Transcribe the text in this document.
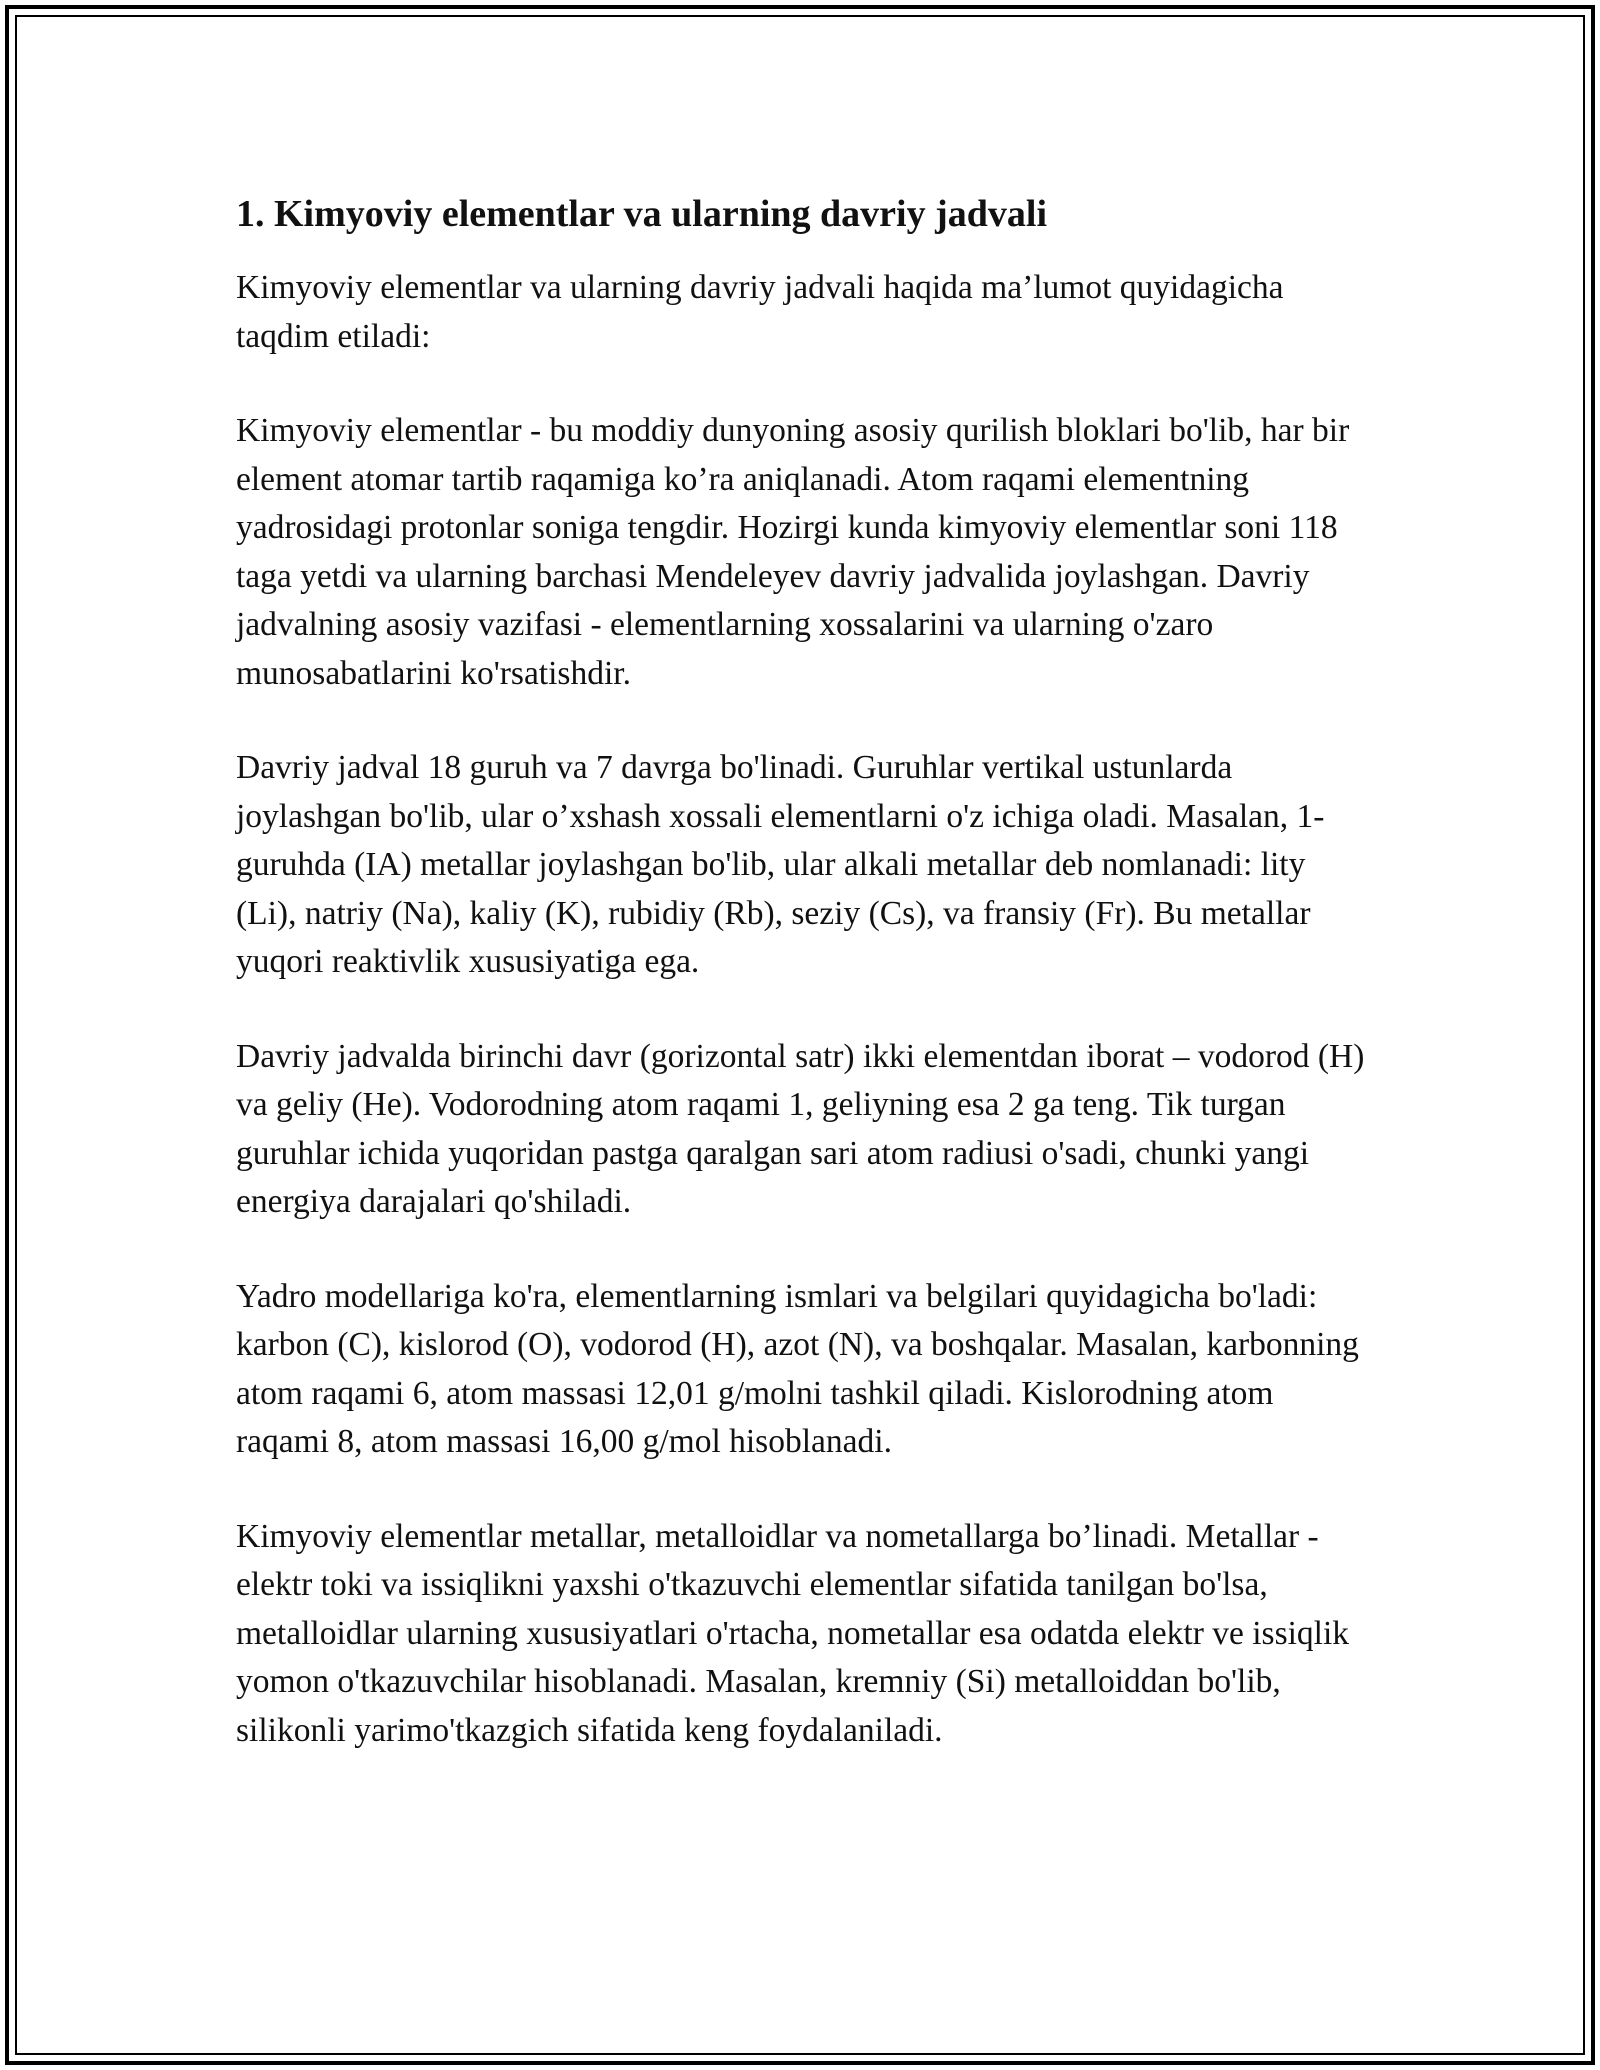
1. Kimyoviy elementlar va ularning davriy jadvali

Kimyoviy elementlar va ularning davriy jadvali haqida ma’lumot quyidagicha taqdim etiladi:

Kimyoviy elementlar - bu moddiy dunyoning asosiy qurilish bloklari bo'lib, har bir element atomar tartib raqamiga ko’ra aniqlanadi. Atom raqami elementning yadrosidagi protonlar soniga tengdir. Hozirgi kunda kimyoviy elementlar soni 118 taga yetdi va ularning barchasi Mendeleyev davriy jadvalida joylashgan. Davriy jadvalning asosiy vazifasi - elementlarning xossalarini va ularning o'zaro munosabatlarini ko'rsatishdir.

Davriy jadval 18 guruh va 7 davrga bo'linadi. Guruhlar vertikal ustunlarda joylashgan bo'lib, ular o’xshash xossali elementlarni o'z ichiga oladi. Masalan, 1-guruhda (IA) metallar joylashgan bo'lib, ular alkali metallar deb nomlanadi: lity (Li), natriy (Na), kaliy (K), rubidiy (Rb), seziy (Cs), va fransiy (Fr). Bu metallar yuqori reaktivlik xususiyatiga ega.

Davriy jadvalda birinchi davr (gorizontal satr) ikki elementdan iborat – vodorod (H) va geliy (He). Vodorodning atom raqami 1, geliyning esa 2 ga teng. Tik turgan guruhlar ichida yuqoridan pastga qaralgan sari atom radiusi o'sadi, chunki yangi energiya darajalari qo'shiladi.

Yadro modellariga ko'ra, elementlarning ismlari va belgilari quyidagicha bo'ladi: karbon (C), kislorod (O), vodorod (H), azot (N), va boshqalar. Masalan, karbonning atom raqami 6, atom massasi 12,01 g/molni tashkil qiladi. Kislorodning atom raqami 8, atom massasi 16,00 g/mol hisoblanadi.

Kimyoviy elementlar metallar, metalloidlar va nometallarga bo’linadi. Metallar - elektr toki va issiqlikni yaxshi o'tkazuvchi elementlar sifatida tanilgan bo'lsa, metalloidlar ularning xususiyatlari o'rtacha, nometallar esa odatda elektr ve issiqlik yomon o'tkazuvchilar hisoblanadi. Masalan, kremniy (Si) metalloiddan bo'lib, silikonli yarimo'tkazgich sifatida keng foydalaniladi.
